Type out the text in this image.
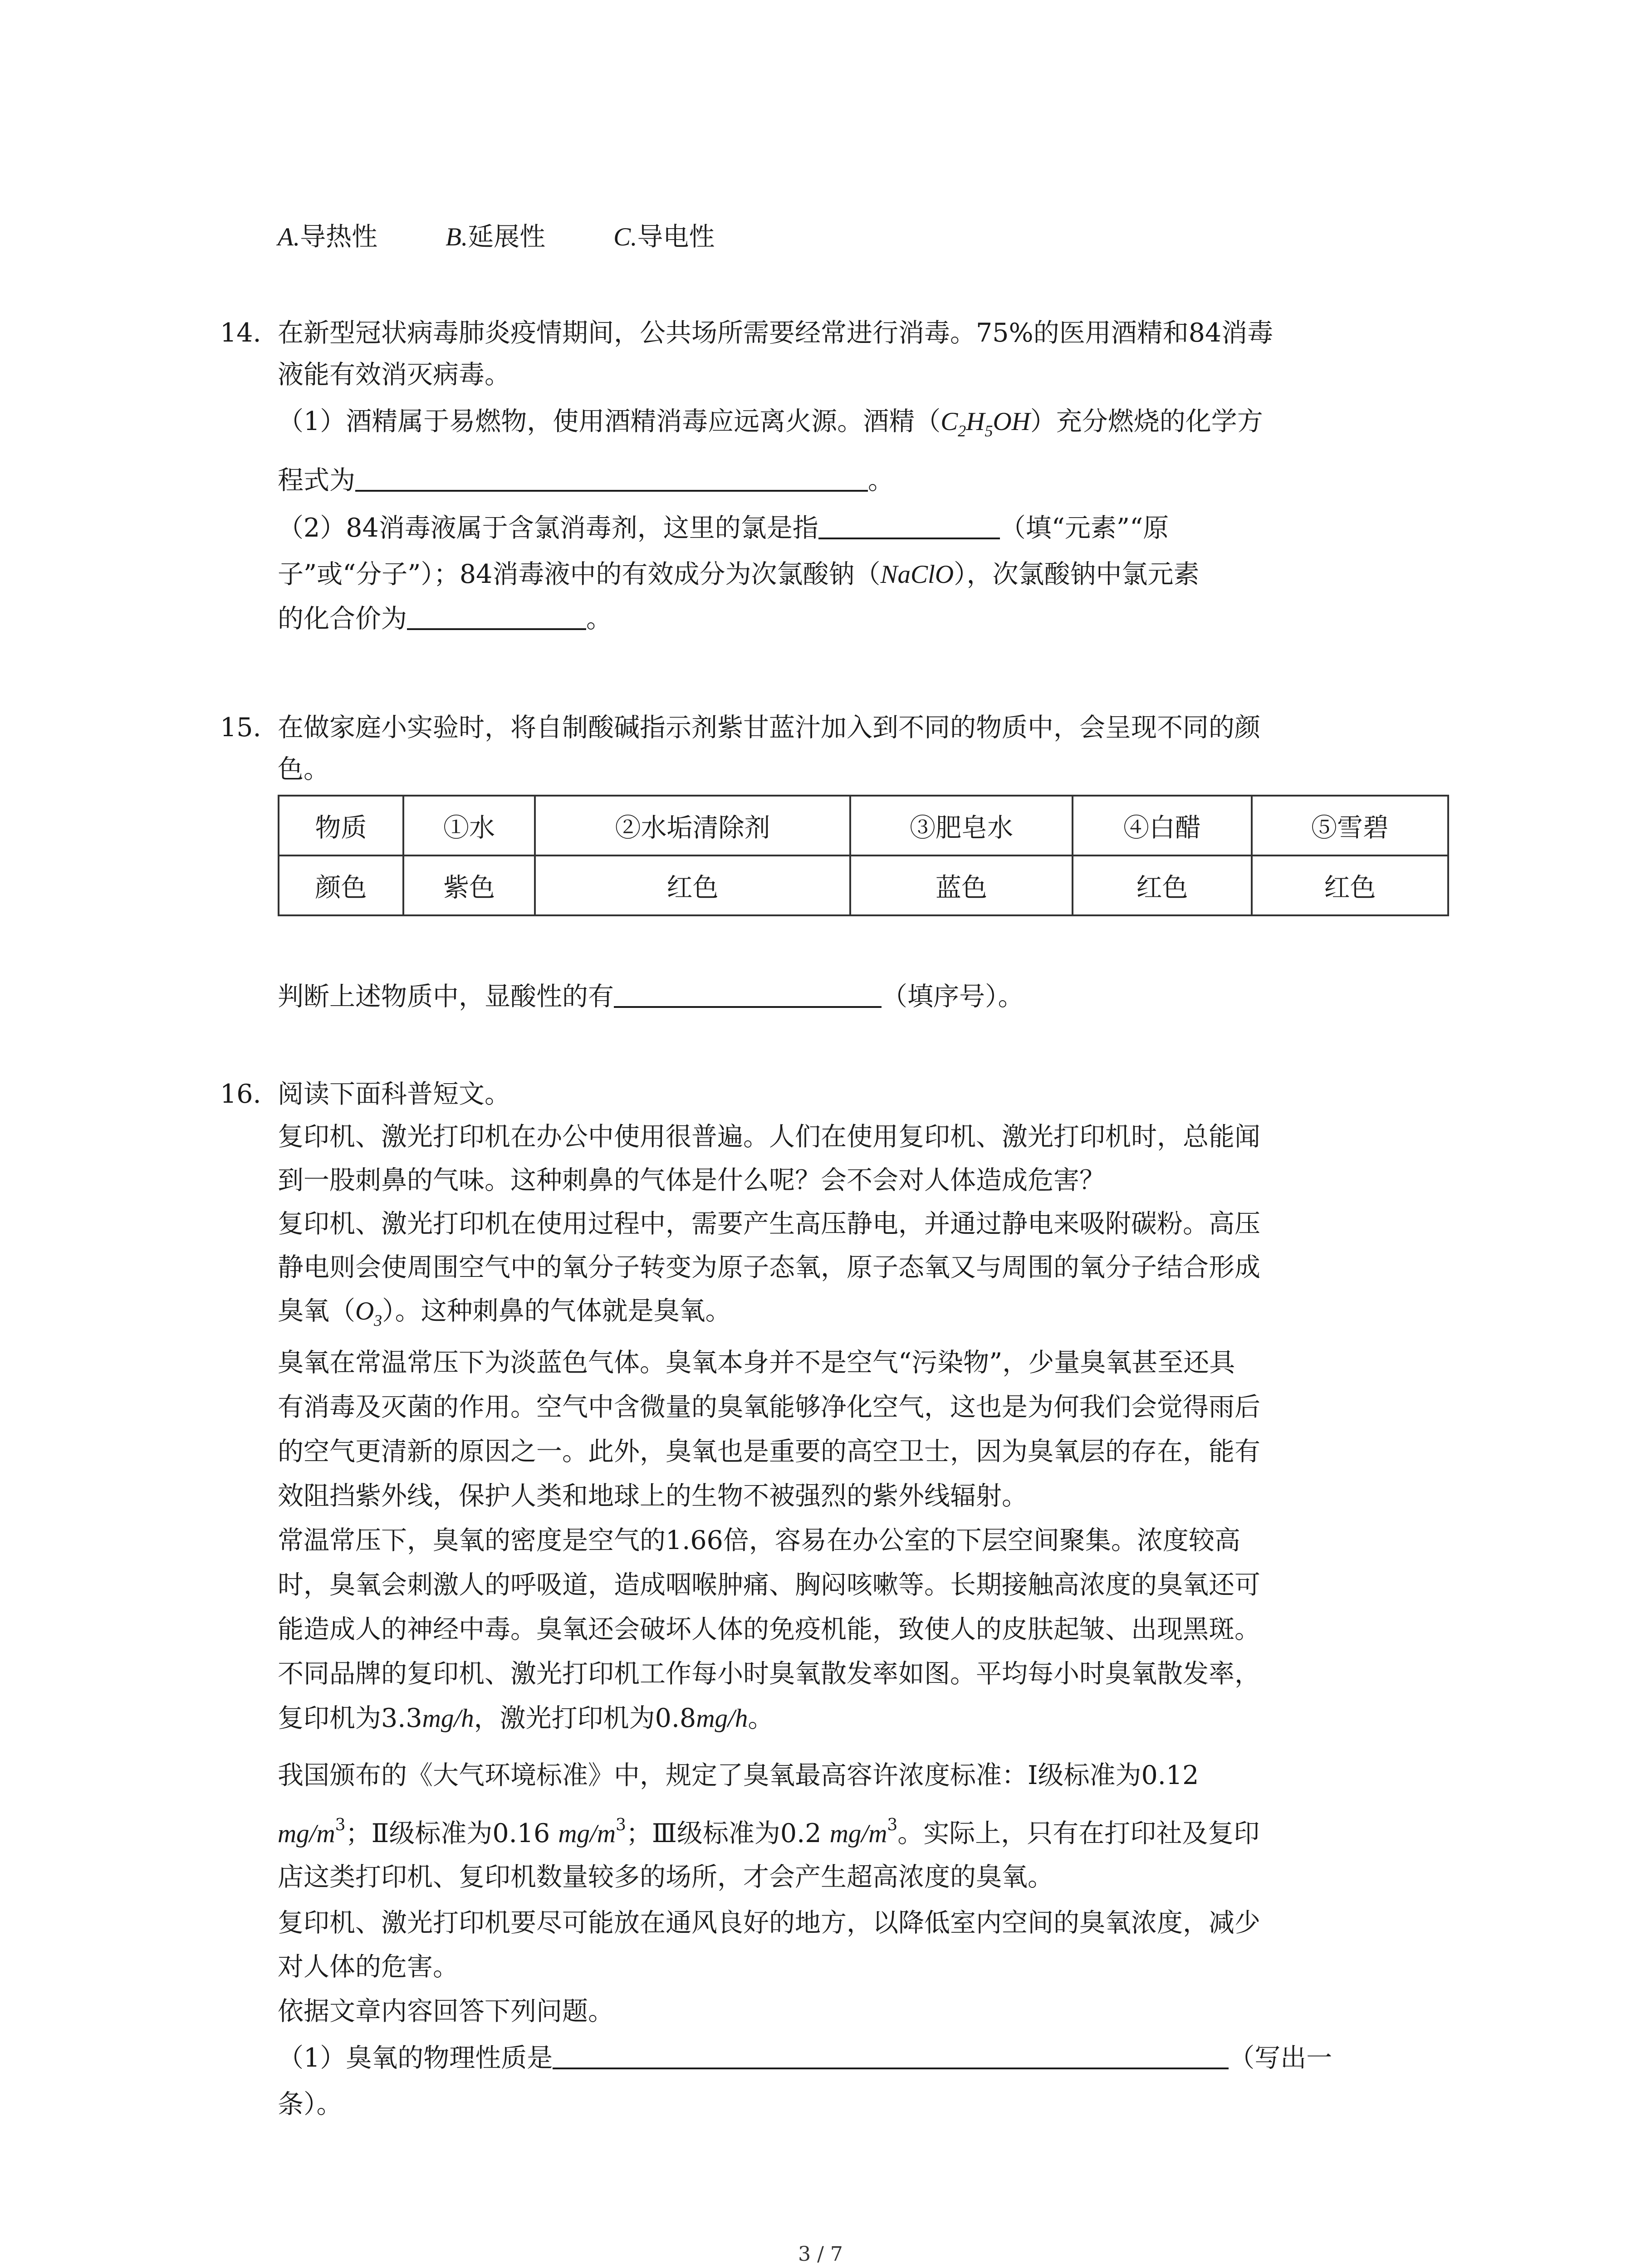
A.导热性	B.延展性	C.导电性
14. 在新型冠状病毒肺炎疫情期间，公共场所需要经常进行消毒。75%的医用酒精和84消毒
液能有效消灭病毒。
（1）酒精属于易燃物，使用酒精消毒应远离火源。酒精$(C_2H_5OH)$充分燃烧的化学方
程式为	。
（2）84消毒液属于含氯消毒剂，这里的氯是指	（填“元素”“原
子”或“分子”）；84消毒液中的有效成分为次氯酸钠（NaClO），次氯酸钠中氯元素
的化合价为	。
15. 在做家庭小实验时，将自制酸碱指示剂紫甘蓝汁加入到不同的物质中，会呈现不同的颜
色。
物质	①水	②水垢清除剂	③肥皂水	④白醋	⑤雪碧
颜色	紫色	红色	蓝色	红色	红色
判断上述物质中，显酸性的有	（填序号）。
16. 阅读下面科普短文。
复印机、激光打印机在办公中使用很普遍。人们在使用复印机、激光打印机时，总能闻
到一股刺鼻的气味。这种刺鼻的气体是什么呢？会不会对人体造成危害？
复印机、激光打印机在使用过程中，需要产生高压静电，并通过静电来吸附碳粉。高压
静电则会使周围空气中的氧分子转变为原子态氧，原子态氧又与周围的氧分子结合形成
臭氧$(O_3)$。这种刺鼻的气体就是臭氧。
臭氧在常温常压下为淡蓝色气体。臭氧本身并不是空气“污染物”，少量臭氧甚至还具
有消毒及灭菌的作用。空气中含微量的臭氧能够净化空气，这也是为何我们会觉得雨后
的空气更清新的原因之一。此外，臭氧也是重要的高空卫士，因为臭氧层的存在，能有
效阻挡紫外线，保护人类和地球上的生物不被强烈的紫外线辐射。
常温常压下，臭氧的密度是空气的1.66倍，容易在办公室的下层空间聚集。浓度较高
时，臭氧会刺激人的呼吸道，造成咽喉肿痛、胸闷咳嗽等。长期接触高浓度的臭氧还可
能造成人的神经中毒。臭氧还会破坏人体的免疫机能，致使人的皮肤起皱、出现黑斑。
不同品牌的复印机、激光打印机工作每小时臭氧散发率如图。平均每小时臭氧散发率，
复印机为3.3mg/h，激光打印机为0.8mg/h。
我国颁布的《大气环境标准》中，规定了臭氧最高容许浓度标准：Ⅰ级标准为0.12
$mg/m^3$；Ⅱ级标准为0.16 $mg/m^3$；Ⅲ级标准为0.2 $mg/m^3$。实际上，只有在打印社及复印
店这类打印机、复印机数量较多的场所，才会产生超高浓度的臭氧。
复印机、激光打印机要尽可能放在通风良好的地方，以降低室内空间的臭氧浓度，减少
对人体的危害。
依据文章内容回答下列问题。
（1）臭氧的物理性质是	（写出一
条）。
3 / 7
